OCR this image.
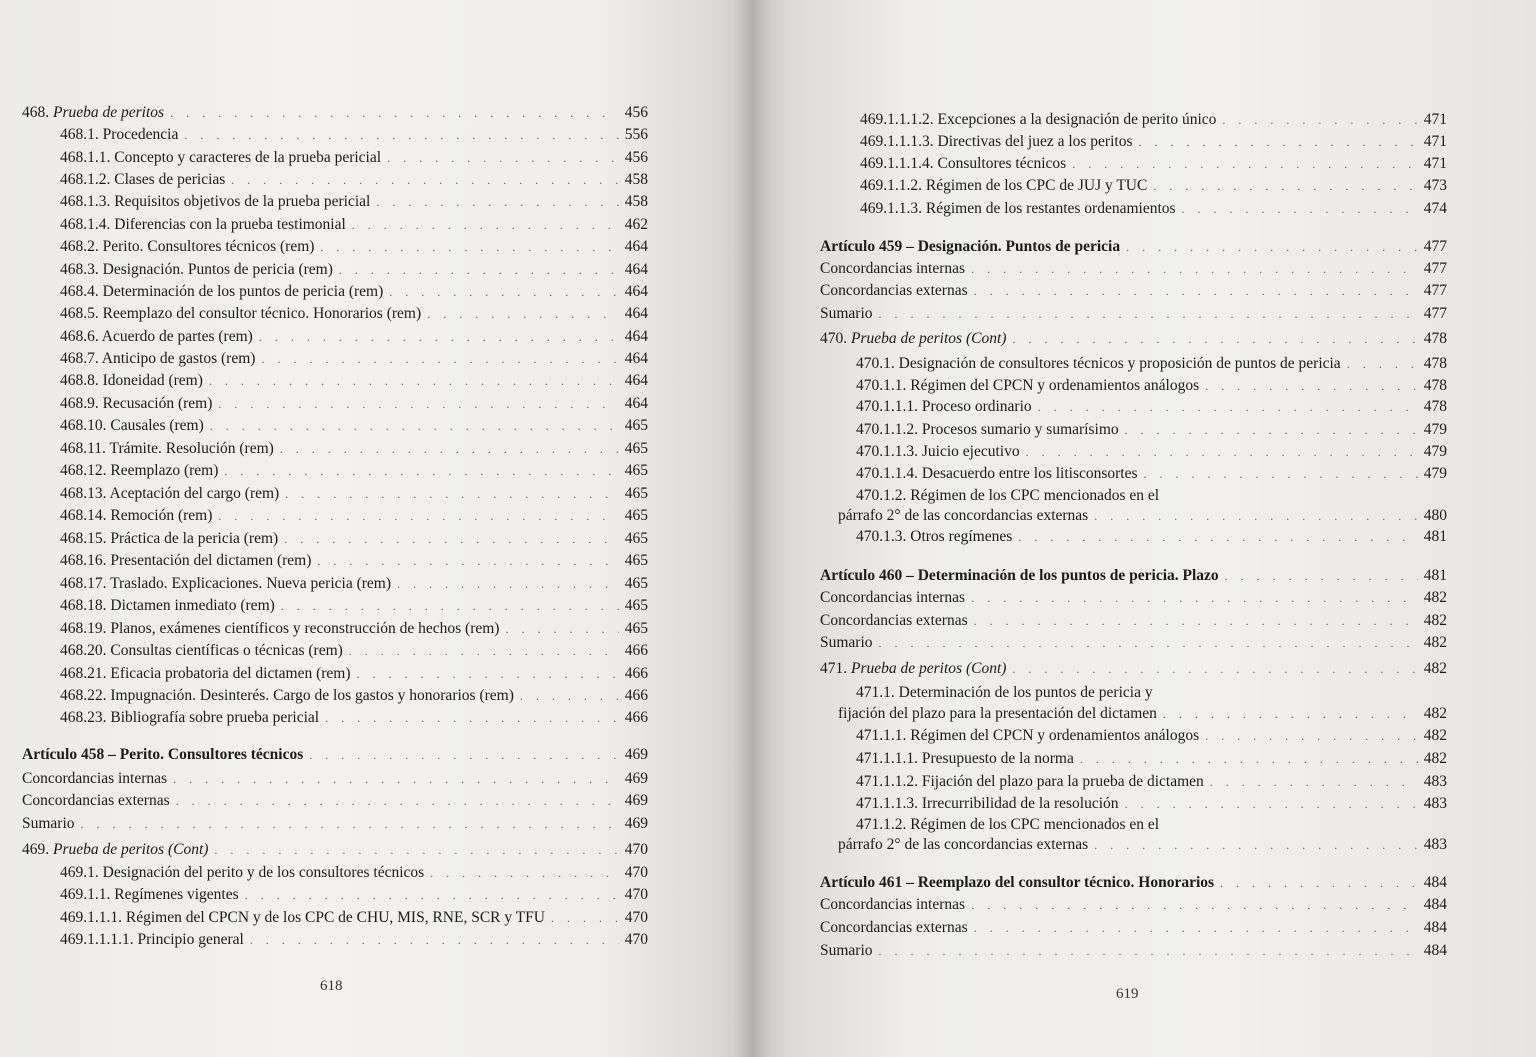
468. Prueba de peritos . . .	456
468.1. Procedencia . . .	556
468.1.1. Concepto y caracteres de la prueba pericial . . .	456
468.1.2. Clases de pericias . . .	458
468.1.3. Requisitos objetivos de la prueba pericial . . .	458
468.1.4. Diferencias con la prueba testimonial . . .	462
468.2. Perito. Consultores técnicos (rem) . . .	464
468.3. Designación. Puntos de pericia (rem) . . .	464
468.4. Determinación de los puntos de pericia (rem) . . .	464
468.5. Reemplazo del consultor técnico. Honorarios (rem) . . .	464
468.6. Acuerdo de partes (rem) . . .	464
468.7. Anticipo de gastos (rem) . . .	464
468.8. Idoneidad (rem) . . .	464
468.9. Recusación (rem) . . .	464
468.10. Causales (rem) . . .	465
468.11. Trámite. Resolución (rem) . . .	465
468.12. Reemplazo (rem) . . .	465
468.13. Aceptación del cargo (rem) . . .	465
468.14. Remoción (rem) . . .	465
468.15. Práctica de la pericia (rem) . . .	465
468.16. Presentación del dictamen (rem) . . .	465
468.17. Traslado. Explicaciones. Nueva pericia (rem) . . .	465
468.18. Dictamen inmediato (rem) . . .	465
468.19. Planos, exámenes científicos y reconstrucción de hechos (rem) . . .	465
468.20. Consultas científicas o técnicas (rem) . . .	466
468.21. Eficacia probatoria del dictamen (rem) . . .	466
468.22. Impugnación. Desinterés. Cargo de los gastos y honorarios (rem) . . .	466
468.23. Bibliografía sobre prueba pericial . . .	466
Artículo 458 – Perito. Consultores técnicos . . .	469
Concordancias internas . . .	469
Concordancias externas . . .	469
Sumario . . .	469
469. Prueba de peritos (Cont) . . .	470
469.1. Designación del perito y de los consultores técnicos . . .	470
469.1.1. Regímenes vigentes . . .	470
469.1.1.1. Régimen del CPCN y de los CPC de CHU, MIS, RNE, SCR y TFU . . .	470
469.1.1.1.1. Principio general . . .	470
618
469.1.1.1.2. Excepciones a la designación de perito único . . .	471
469.1.1.1.3. Directivas del juez a los peritos . . .	471
469.1.1.1.4. Consultores técnicos . . .	471
469.1.1.2. Régimen de los CPC de JUJ y TUC . . .	473
469.1.1.3. Régimen de los restantes ordenamientos . . .	474
Artículo 459 – Designación. Puntos de pericia . . .	477
Concordancias internas . . .	477
Concordancias externas . . .	477
Sumario . . .	477
470. Prueba de peritos (Cont) . . .	478
470.1. Designación de consultores técnicos y proposición de puntos de pericia . . .	478
470.1.1. Régimen del CPCN y ordenamientos análogos . . .	478
470.1.1.1. Proceso ordinario . . .	478
470.1.1.2. Procesos sumario y sumarísimo . . .	479
470.1.1.3. Juicio ejecutivo . . .	479
470.1.1.4. Desacuerdo entre los litisconsortes . . .	479
470.1.2. Régimen de los CPC mencionados en el
párrafo 2° de las concordancias externas . . .	480
470.1.3. Otros regímenes . . .	481
Artículo 460 – Determinación de los puntos de pericia. Plazo . . .	481
Concordancias internas . . .	482
Concordancias externas . . .	482
Sumario . . .	482
471. Prueba de peritos (Cont) . . .	482
471.1. Determinación de los puntos de pericia y
fijación del plazo para la presentación del dictamen . . .	482
471.1.1. Régimen del CPCN y ordenamientos análogos . . .	482
471.1.1.1. Presupuesto de la norma . . .	482
471.1.1.2. Fijación del plazo para la prueba de dictamen . . .	483
471.1.1.3. Irrecurribilidad de la resolución . . .	483
471.1.2. Régimen de los CPC mencionados en el
párrafo 2° de las concordancias externas . . .	483
Artículo 461 – Reemplazo del consultor técnico. Honorarios . . .	484
Concordancias internas . . .	484
Concordancias externas . . .	484
Sumario . . .	484
619
